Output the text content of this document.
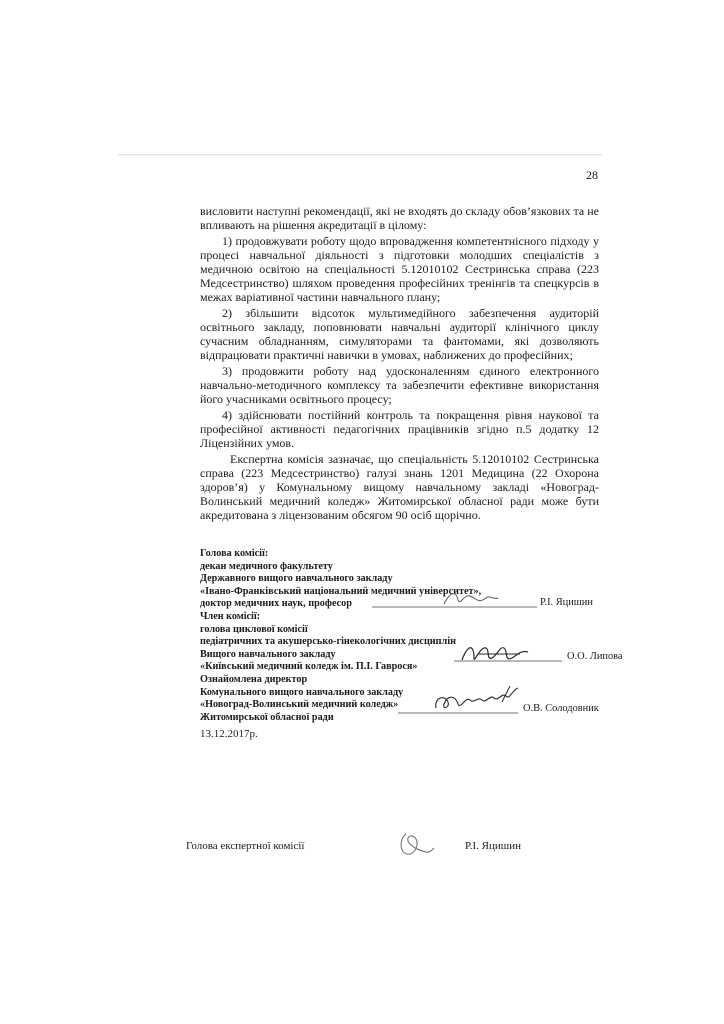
28

висловити наступні рекомендації, які не входять до складу обов’язкових та не впливають на рішення акредитації в цілому:

1) продовжувати роботу щодо впровадження компетентнісного підходу у процесі навчальної діяльності з підготовки молодших спеціалістів з медичною освітою на спеціальності 5.12010102 Сестринська справа (223 Медсестринство) шляхом проведення професійних тренінгів та спецкурсів в межах варіативної частини навчального плану;

2) збільшити відсоток мультимедійного забезпечення аудиторій освітнього закладу, поповнювати навчальні аудиторії клінічного циклу сучасним обладнанням, симуляторами та фантомами, які дозволяють відпрацювати практичні навички в умовах, наближених до професійних;

3) продовжити роботу над удосконаленням єдиного електронного навчально-методичного комплексу та забезпечити ефективне використання його учасниками освітнього процесу;

4) здійснювати постійний контроль та покращення рівня наукової та професійної активності педагогічних працівників згідно п.5 додатку 12 Ліцензійних умов.

Експертна комісія зазначає, що спеціальність 5.12010102 Сестринська справа (223 Медсестринство) галузі знань 1201 Медицина (22 Охорона здоров’я) у Комунальному вищому навчальному закладі «Новоград-Волинський медичний коледж» Житомирської обласної ради може бути акредитована з ліцензованим обсягом 90 осіб щорічно.

Голова комісії:
декан медичного факультету
Державного вищого навчального закладу
«Івано-Франківський національний медичний університет»,
доктор медичних наук, професор
Член комісії:
голова циклової комісії
педіатричних та акушерсько-гінекологічних дисциплін
Вищого навчального закладу
«Київський медичний коледж ім. П.І. Гаврося»
Ознайомлена директор
Комунального вищого навчального закладу
«Новоград-Волинський медичний коледж»
Житомирської обласної ради
Р.І. Яцишин
О.О. Липова
О.В. Солодовник
13.12.2017р.
Голова експертної комісії	Р.І. Яцишин
